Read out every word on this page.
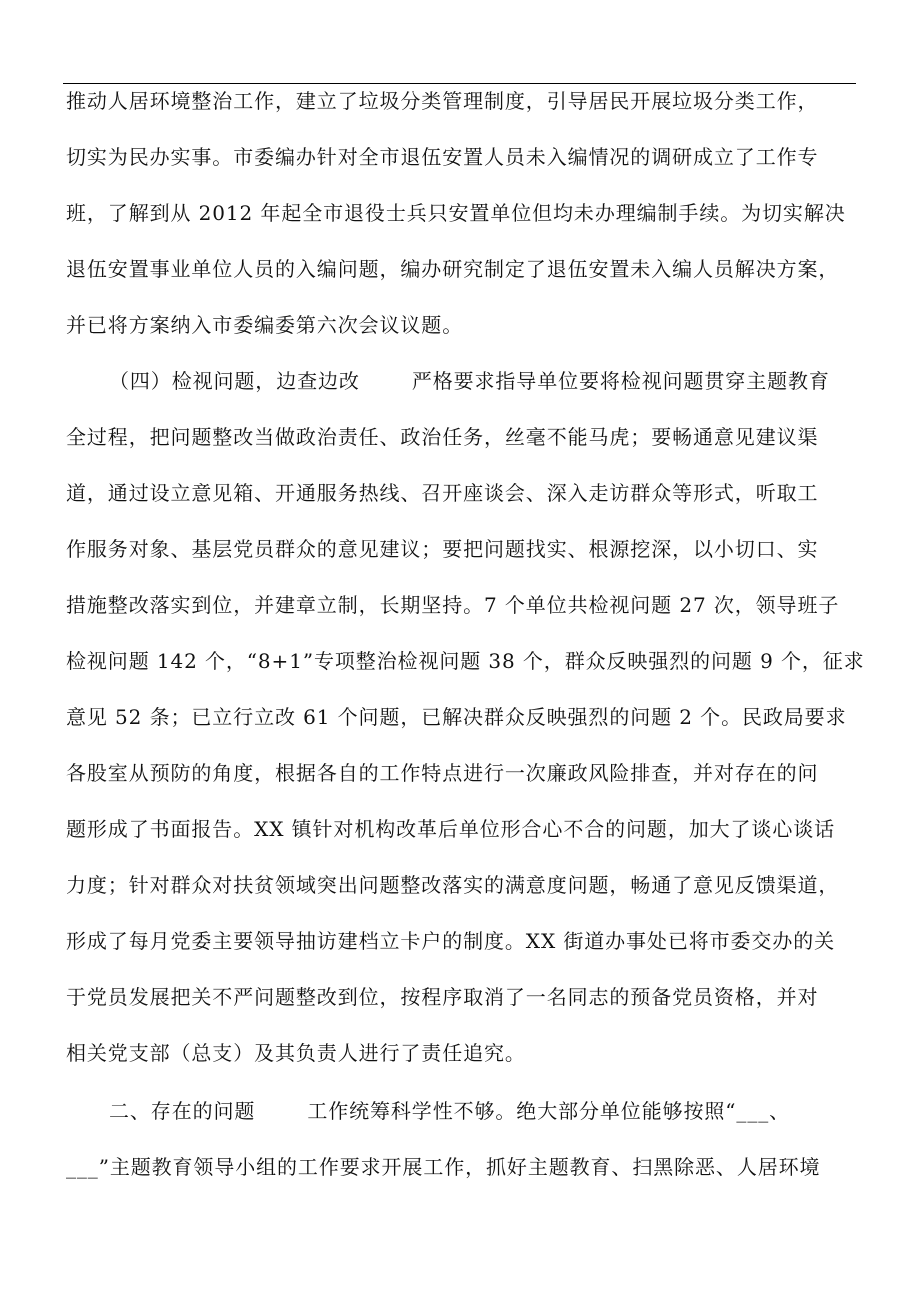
推动人居环境整治工作，建立了垃圾分类管理制度，引导居民开展垃圾分类工作，
切实为民办实事。市委编办针对全市退伍安置人员未入编情况的调研成立了工作专
班，了解到从 2012 年起全市退役士兵只安置单位但均未办理编制手续。为切实解决
退伍安置事业单位人员的入编问题，编办研究制定了退伍安置未入编人员解决方案，
并已将方案纳入市委编委第六次会议议题。
（四）检视问题，边查边改	严格要求指导单位要将检视问题贯穿主题教育
全过程，把问题整改当做政治责任、政治任务，丝毫不能马虎；要畅通意见建议渠
道，通过设立意见箱、开通服务热线、召开座谈会、深入走访群众等形式，听取工
作服务对象、基层党员群众的意见建议；要把问题找实、根源挖深，以小切口、实
措施整改落实到位，并建章立制，长期坚持。7 个单位共检视问题 27 次，领导班子
检视问题 142 个，“8+1”专项整治检视问题 38 个，群众反映强烈的问题 9 个，征求
意见 52 条；已立行立改 61 个问题，已解决群众反映强烈的问题 2 个。民政局要求
各股室从预防的角度，根据各自的工作特点进行一次廉政风险排查，并对存在的问
题形成了书面报告。XX 镇针对机构改革后单位形合心不合的问题，加大了谈心谈话
力度；针对群众对扶贫领域突出问题整改落实的满意度问题，畅通了意见反馈渠道，
形成了每月党委主要领导抽访建档立卡户的制度。XX 街道办事处已将市委交办的关
于党员发展把关不严问题整改到位，按程序取消了一名同志的预备党员资格，并对
相关党支部（总支）及其负责人进行了责任追究。
二、存在的问题	工作统筹科学性不够。绝大部分单位能够按照“___、
___”主题教育领导小组的工作要求开展工作，抓好主题教育、扫黑除恶、人居环境
